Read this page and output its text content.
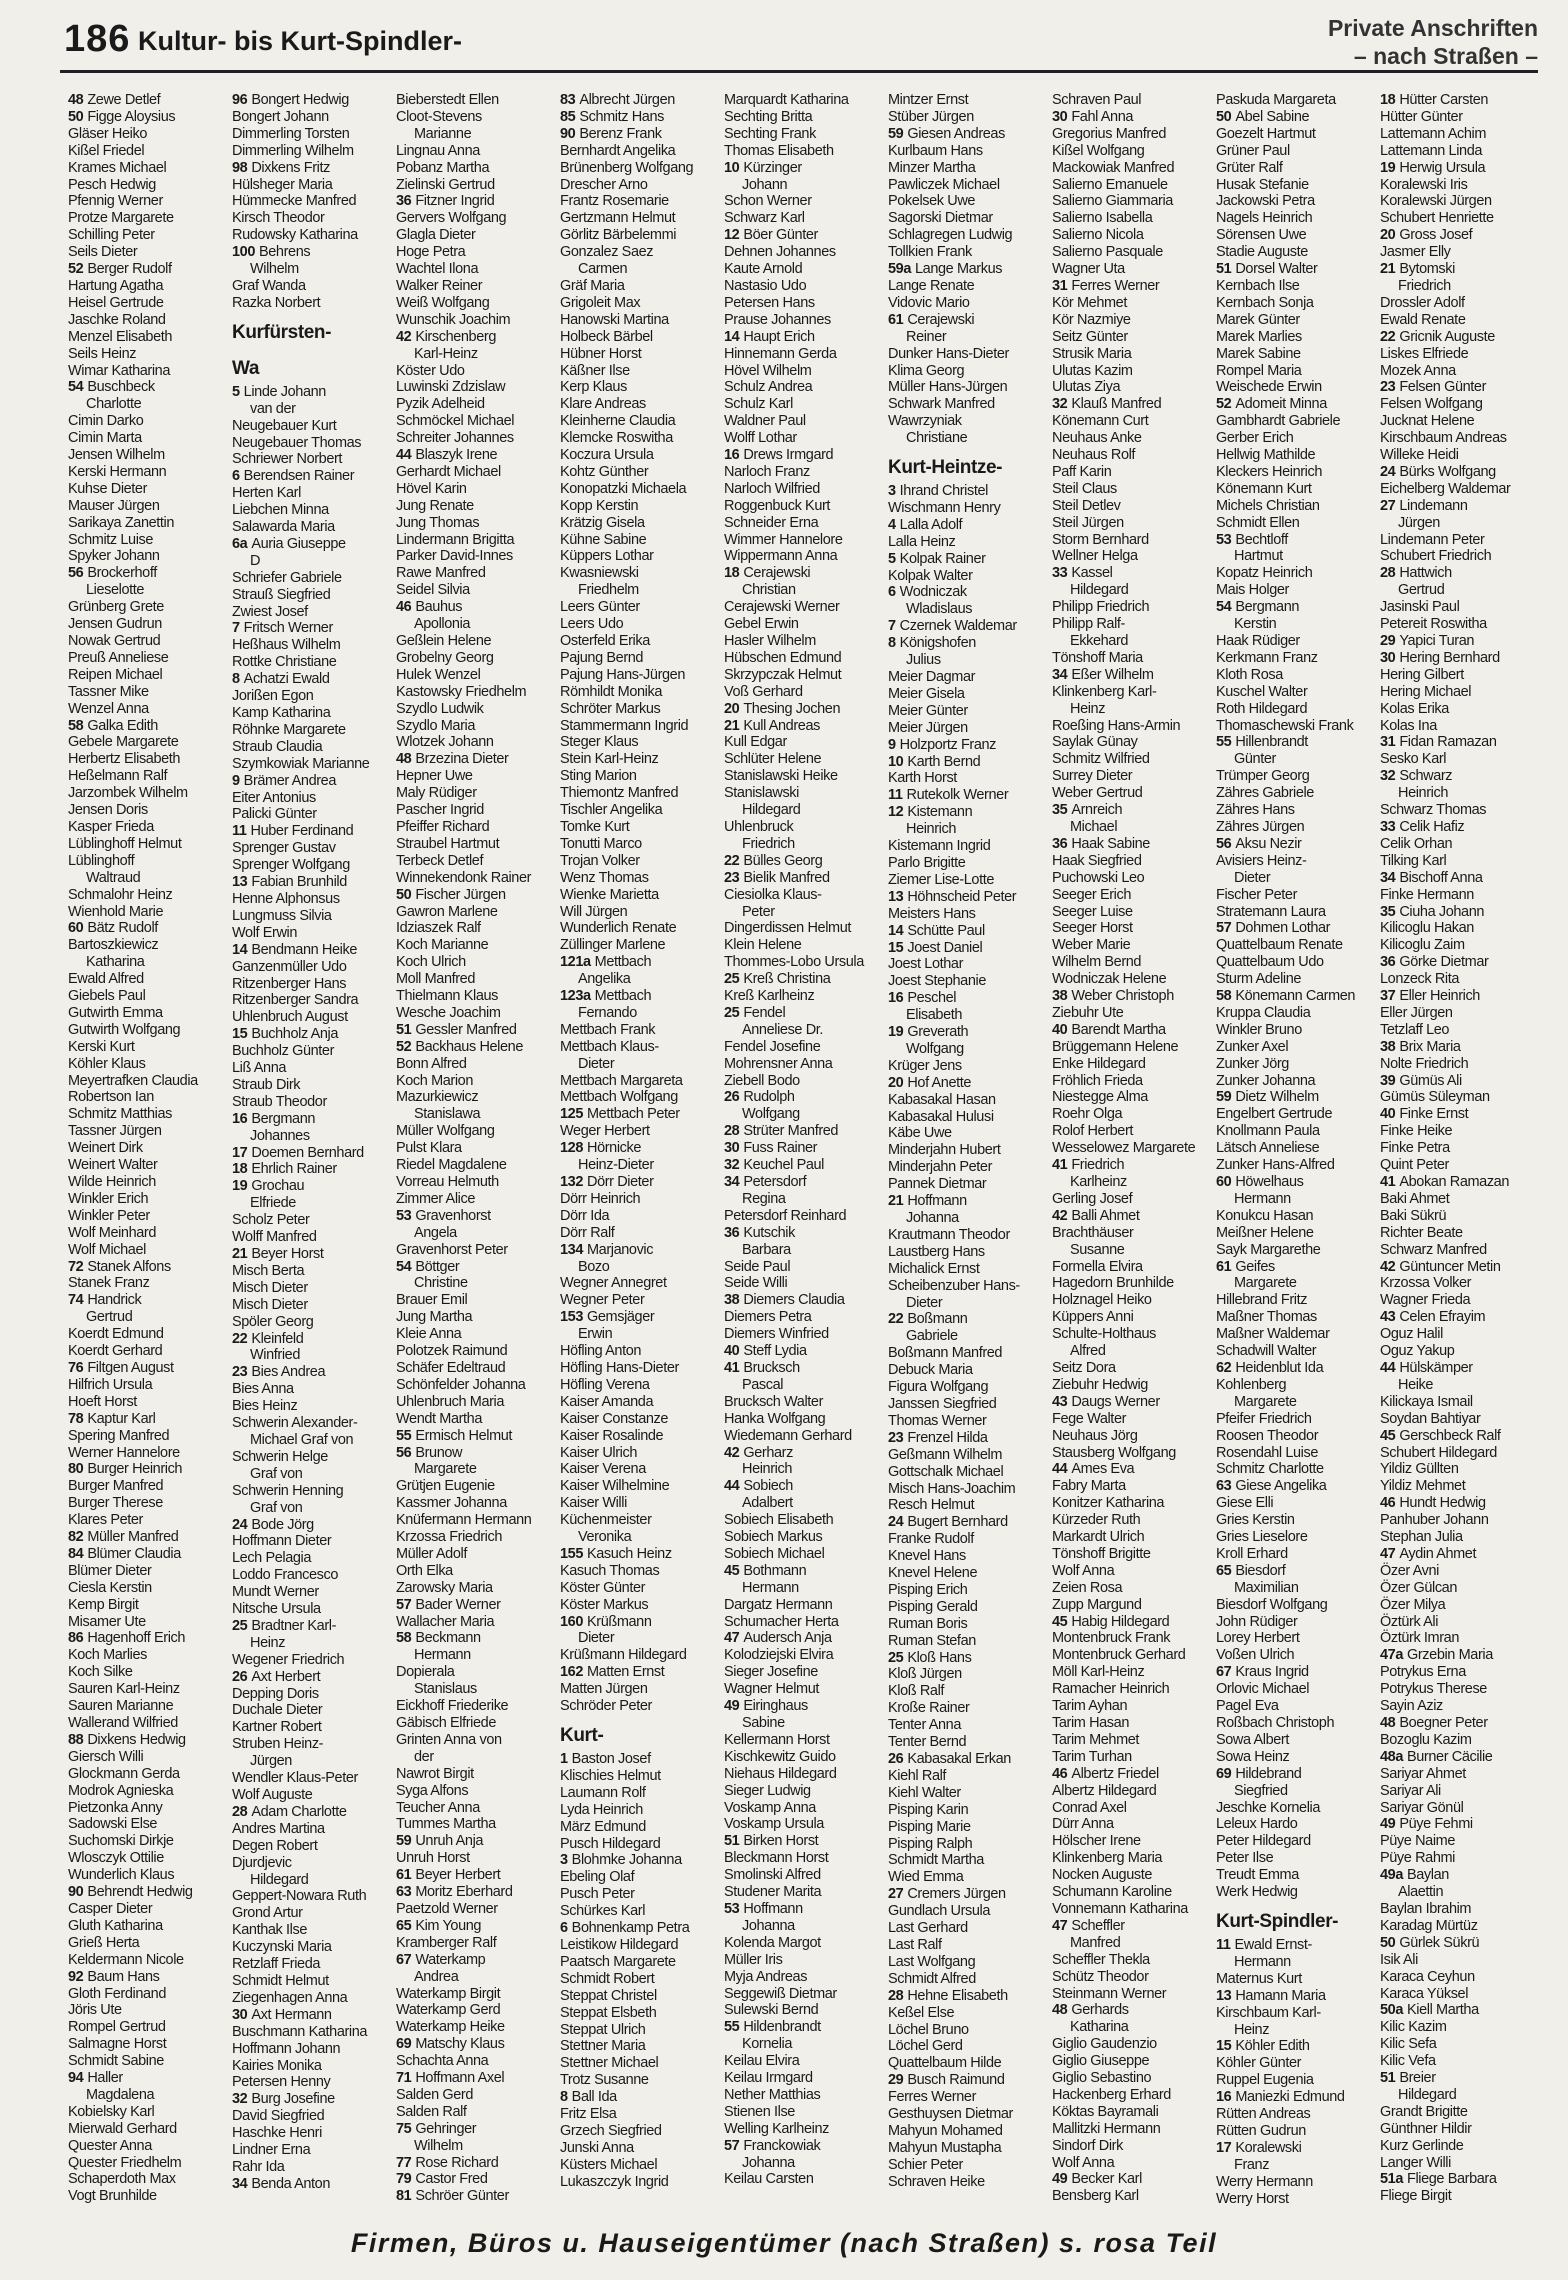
186 Kultur- bis Kurt-Spindler-	Private Anschriften
– nach Straßen –
48 Zewe Detlef
50 Figge Aloysius
Gläser Heiko
Kißel Friedel
Krames Michael
Pesch Hedwig
Pfennig Werner
Protze Margarete
Schilling Peter
Seils Dieter
52 Berger Rudolf
Hartung Agatha
Heisel Gertrude
Jaschke Roland
Menzel Elisabeth
Seils Heinz
Wimar Katharina
54 Buschbeck
Charlotte
Cimin Darko
Cimin Marta
Jensen Wilhelm
Kerski Hermann
Kuhse Dieter
Mauser Jürgen
Sarikaya Zanettin
Schmitz Luise
Spyker Johann
56 Brockerhoff
Lieselotte
Grünberg Grete
Jensen Gudrun
Nowak Gertrud
Preuß Anneliese
Reipen Michael
Tassner Mike
Wenzel Anna
58 Galka Edith
Gebele Margarete
Herbertz Elisabeth
Heßelmann Ralf
Jarzombek Wilhelm
Jensen Doris
Kasper Frieda
Lüblinghoff Helmut
Lüblinghoff
Waltraud
Schmalohr Heinz
Wienhold Marie
60 Bätz Rudolf
Bartoszkiewicz
Katharina
Ewald Alfred
Giebels Paul
Gutwirth Emma
Gutwirth Wolfgang
Kerski Kurt
Köhler Klaus
Meyertrafken Claudia
Robertson Ian
Schmitz Matthias
Tassner Jürgen
Weinert Dirk
Weinert Walter
Wilde Heinrich
Winkler Erich
Winkler Peter
Wolf Meinhard
Wolf Michael
72 Stanek Alfons
Stanek Franz
74 Handrick
Gertrud
Koerdt Edmund
Koerdt Gerhard
76 Filtgen August
Hilfrich Ursula
Hoeft Horst
78 Kaptur Karl
Spering Manfred
Werner Hannelore
80 Burger Heinrich
Burger Manfred
Burger Therese
Klares Peter
82 Müller Manfred
84 Blümer Claudia
Blümer Dieter
Ciesla Kerstin
Kemp Birgit
Misamer Ute
86 Hagenhoff Erich
Koch Marlies
Koch Silke
Sauren Karl-Heinz
Sauren Marianne
Wallerand Wilfried
88 Dixkens Hedwig
Giersch Willi
Glockmann Gerda
Modrok Agnieska
Pietzonka Anny
Sadowski Else
Suchomski Dirkje
Wlosczyk Ottilie
Wunderlich Klaus
90 Behrendt Hedwig
Casper Dieter
Gluth Katharina
Grieß Herta
Keldermann Nicole
92 Baum Hans
Gloth Ferdinand
Jöris Ute
Rompel Gertrud
Salmagne Horst
Schmidt Sabine
94 Haller
Magdalena
Kobielsky Karl
Mierwald Gerhard
Quester Anna
Quester Friedhelm
Schaperdoth Max
Vogt Brunhilde
96 Bongert Hedwig
Bongert Johann
Dimmerling Torsten
Dimmerling Wilhelm
98 Dixkens Fritz
Hülsheger Maria
Hümmecke Manfred
Kirsch Theodor
Rudowsky Katharina
100 Behrens
Wilhelm
Graf Wanda
Razka Norbert
Kurfürsten-
Wa
5 Linde Johann
van der
Neugebauer Kurt
Neugebauer Thomas
Schriewer Norbert
6 Berendsen Rainer
Herten Karl
Liebchen Minna
Salawarda Maria
6a Auria Giuseppe
D
Schriefer Gabriele
Strauß Siegfried
Zwiest Josef
7 Fritsch Werner
Heßhaus Wilhelm
Rottke Christiane
8 Achatzi Ewald
Jorißen Egon
Kamp Katharina
Röhnke Margarete
Straub Claudia
Szymkowiak Marianne
9 Brämer Andrea
Eiter Antonius
Palicki Günter
11 Huber Ferdinand
Sprenger Gustav
Sprenger Wolfgang
13 Fabian Brunhild
Henne Alphonsus
Lungmuss Silvia
Wolf Erwin
14 Bendmann Heike
Ganzenmüller Udo
Ritzenberger Hans
Ritzenberger Sandra
Uhlenbruch August
15 Buchholz Anja
Buchholz Günter
Liß Anna
Straub Dirk
Straub Theodor
16 Bergmann
Johannes
17 Doemen Bernhard
18 Ehrlich Rainer
19 Grochau
Elfriede
Scholz Peter
Wolff Manfred
21 Beyer Horst
Misch Berta
Misch Dieter
Misch Dieter
Spöler Georg
22 Kleinfeld
Winfried
23 Bies Andrea
Bies Anna
Bies Heinz
Schwerin Alexander-
Michael Graf von
Schwerin Helge
Graf von
Schwerin Henning
Graf von
24 Bode Jörg
Hoffmann Dieter
Lech Pelagia
Loddo Francesco
Mundt Werner
Nitsche Ursula
25 Bradtner Karl-
Heinz
Wegener Friedrich
26 Axt Herbert
Depping Doris
Duchale Dieter
Kartner Robert
Struben Heinz-
Jürgen
Wendler Klaus-Peter
Wolf Auguste
28 Adam Charlotte
Andres Martina
Degen Robert
Djurdjevic
Hildegard
Geppert-Nowara Ruth
Grond Artur
Kanthak Ilse
Kuczynski Maria
Retzlaff Frieda
Schmidt Helmut
Ziegenhagen Anna
30 Axt Hermann
Buschmann Katharina
Hoffmann Johann
Kairies Monika
Petersen Henny
32 Burg Josefine
David Siegfried
Haschke Henri
Lindner Erna
Rahr Ida
34 Benda Anton
Bieberstedt Ellen
Cloot-Stevens
Marianne
Lingnau Anna
Pobanz Martha
Zielinski Gertrud
36 Fitzner Ingrid
Gervers Wolfgang
Glagla Dieter
Hoge Petra
Wachtel Ilona
Walker Reiner
Weiß Wolfgang
Wunschik Joachim
42 Kirschenberg
Karl-Heinz
Köster Udo
Luwinski Zdzislaw
Pyzik Adelheid
Schmöckel Michael
Schreiter Johannes
44 Blaszyk Irene
Gerhardt Michael
Hövel Karin
Jung Renate
Jung Thomas
Lindermann Brigitta
Parker David-Innes
Rawe Manfred
Seidel Silvia
46 Bauhus
Apollonia
Geßlein Helene
Grobelny Georg
Hulek Wenzel
Kastowsky Friedhelm
Szydlo Ludwik
Szydlo Maria
Wlotzek Johann
48 Brzezina Dieter
Hepner Uwe
Maly Rüdiger
Pascher Ingrid
Pfeiffer Richard
Straubel Hartmut
Terbeck Detlef
Winnekendonk Rainer
50 Fischer Jürgen
Gawron Marlene
Idziaszek Ralf
Koch Marianne
Koch Ulrich
Moll Manfred
Thielmann Klaus
Wesche Joachim
51 Gessler Manfred
52 Backhaus Helene
Bonn Alfred
Koch Marion
Mazurkiewicz
Stanislawa
Müller Wolfgang
Pulst Klara
Riedel Magdalene
Vorreau Helmuth
Zimmer Alice
53 Gravenhorst
Angela
Gravenhorst Peter
54 Böttger
Christine
Brauer Emil
Jung Martha
Kleie Anna
Polotzek Raimund
Schäfer Edeltraud
Schönfelder Johanna
Uhlenbruch Maria
Wendt Martha
55 Ermisch Helmut
56 Brunow
Margarete
Grütjen Eugenie
Kassmer Johanna
Knüfermann Hermann
Krzossa Friedrich
Müller Adolf
Orth Elka
Zarowsky Maria
57 Bader Werner
Wallacher Maria
58 Beckmann
Hermann
Dopierala
Stanislaus
Eickhoff Friederike
Gäbisch Elfriede
Grinten Anna von
der
Nawrot Birgit
Syga Alfons
Teucher Anna
Tummes Martha
59 Unruh Anja
Unruh Horst
61 Beyer Herbert
63 Moritz Eberhard
Paetzold Werner
65 Kim Young
Kramberger Ralf
67 Waterkamp
Andrea
Waterkamp Birgit
Waterkamp Gerd
Waterkamp Heike
69 Matschy Klaus
Schachta Anna
71 Hoffmann Axel
Salden Gerd
Salden Ralf
75 Gehringer
Wilhelm
77 Rose Richard
79 Castor Fred
81 Schröer Günter
83 Albrecht Jürgen
85 Schmitz Hans
90 Berenz Frank
Bernhardt Angelika
Brünenberg Wolfgang
Drescher Arno
Frantz Rosemarie
Gertzmann Helmut
Görlitz Bärbelemmi
Gonzalez Saez
Carmen
Gräf Maria
Grigoleit Max
Hanowski Martina
Holbeck Bärbel
Hübner Horst
Käßner Ilse
Kerp Klaus
Klare Andreas
Kleinherne Claudia
Klemcke Roswitha
Koczura Ursula
Kohtz Günther
Konopatzki Michaela
Kopp Kerstin
Krätzig Gisela
Kühne Sabine
Küppers Lothar
Kwasniewski
Friedhelm
Leers Günter
Leers Udo
Osterfeld Erika
Pajung Bernd
Pajung Hans-Jürgen
Römhildt Monika
Schröter Markus
Stammermann Ingrid
Steger Klaus
Stein Karl-Heinz
Sting Marion
Thiemontz Manfred
Tischler Angelika
Tomke Kurt
Tonutti Marco
Trojan Volker
Wenz Thomas
Wienke Marietta
Will Jürgen
Wunderlich Renate
Züllinger Marlene
121a Mettbach
Angelika
123a Mettbach
Fernando
Mettbach Frank
Mettbach Klaus-
Dieter
Mettbach Margareta
Mettbach Wolfgang
125 Mettbach Peter
Weger Herbert
128 Hörnicke
Heinz-Dieter
132 Dörr Dieter
Dörr Heinrich
Dörr Ida
Dörr Ralf
134 Marjanovic
Bozo
Wegner Annegret
Wegner Peter
153 Gemsjäger
Erwin
Höfling Anton
Höfling Hans-Dieter
Höfling Verena
Kaiser Amanda
Kaiser Constanze
Kaiser Rosalinde
Kaiser Ulrich
Kaiser Verena
Kaiser Wilhelmine
Kaiser Willi
Küchenmeister
Veronika
155 Kasuch Heinz
Kasuch Thomas
Köster Günter
Köster Markus
160 Krüßmann
Dieter
Krüßmann Hildegard
162 Matten Ernst
Matten Jürgen
Schröder Peter
Kurt-
1 Baston Josef
Klischies Helmut
Laumann Rolf
Lyda Heinrich
März Edmund
Pusch Hildegard
3 Blohmke Johanna
Ebeling Olaf
Pusch Peter
Schürkes Karl
6 Bohnenkamp Petra
Leistikow Hildegard
Paatsch Margarete
Schmidt Robert
Steppat Christel
Steppat Elsbeth
Steppat Ulrich
Stettner Maria
Stettner Michael
Trotz Susanne
8 Ball Ida
Fritz Elsa
Grzech Siegfried
Junski Anna
Küsters Michael
Lukaszczyk Ingrid
Marquardt Katharina
Sechting Britta
Sechting Frank
Thomas Elisabeth
10 Kürzinger
Johann
Schon Werner
Schwarz Karl
12 Böer Günter
Dehnen Johannes
Kaute Arnold
Nastasio Udo
Petersen Hans
Prause Johannes
14 Haupt Erich
Hinnemann Gerda
Hövel Wilhelm
Schulz Andrea
Schulz Karl
Waldner Paul
Wolff Lothar
16 Drews Irmgard
Narloch Franz
Narloch Wilfried
Roggenbuck Kurt
Schneider Erna
Wimmer Hannelore
Wippermann Anna
18 Cerajewski
Christian
Cerajewski Werner
Gebel Erwin
Hasler Wilhelm
Hübschen Edmund
Skrzypczak Helmut
Voß Gerhard
20 Thesing Jochen
21 Kull Andreas
Kull Edgar
Schlüter Helene
Stanislawski Heike
Stanislawski
Hildegard
Uhlenbruck
Friedrich
22 Bülles Georg
23 Bielik Manfred
Ciesiolka Klaus-
Peter
Dingerdissen Helmut
Klein Helene
Thommes-Lobo Ursula
25 Kreß Christina
Kreß Karlheinz
25 Fendel
Anneliese Dr.
Fendel Josefine
Mohrensner Anna
Ziebell Bodo
26 Rudolph
Wolfgang
28 Strüter Manfred
30 Fuss Rainer
32 Keuchel Paul
34 Petersdorf
Regina
Petersdorf Reinhard
36 Kutschik
Barbara
Seide Paul
Seide Willi
38 Diemers Claudia
Diemers Petra
Diemers Winfried
40 Steff Lydia
41 Brucksch
Pascal
Brucksch Walter
Hanka Wolfgang
Wiedemann Gerhard
42 Gerharz
Heinrich
44 Sobiech
Adalbert
Sobiech Elisabeth
Sobiech Markus
Sobiech Michael
45 Bothmann
Hermann
Dargatz Hermann
Schumacher Herta
47 Audersch Anja
Kolodziejski Elvira
Sieger Josefine
Wagner Helmut
49 Eiringhaus
Sabine
Kellermann Horst
Kischkewitz Guido
Niehaus Hildegard
Sieger Ludwig
Voskamp Anna
Voskamp Ursula
51 Birken Horst
Bleckmann Horst
Smolinski Alfred
Studener Marita
53 Hoffmann
Johanna
Kolenda Margot
Müller Iris
Myja Andreas
Seggewiß Dietmar
Sulewski Bernd
55 Hildenbrandt
Kornelia
Keilau Elvira
Keilau Irmgard
Nether Matthias
Stienen Ilse
Welling Karlheinz
57 Franckowiak
Johanna
Keilau Carsten
Mintzer Ernst
Stüber Jürgen
59 Giesen Andreas
Kurlbaum Hans
Minzer Martha
Pawliczek Michael
Pokelsek Uwe
Sagorski Dietmar
Schlagregen Ludwig
Tollkien Frank
59a Lange Markus
Lange Renate
Vidovic Mario
61 Cerajewski
Reiner
Dunker Hans-Dieter
Klima Georg
Müller Hans-Jürgen
Schwark Manfred
Wawrzyniak
Christiane
Kurt-Heintze-
3 Ihrand Christel
Wischmann Henry
4 Lalla Adolf
Lalla Heinz
5 Kolpak Rainer
Kolpak Walter
6 Wodniczak
Wladislaus
7 Czernek Waldemar
8 Königshofen
Julius
Meier Dagmar
Meier Gisela
Meier Günter
Meier Jürgen
9 Holzportz Franz
10 Karth Bernd
Karth Horst
11 Rutekolk Werner
12 Kistemann
Heinrich
Kistemann Ingrid
Parlo Brigitte
Ziemer Lise-Lotte
13 Höhnscheid Peter
Meisters Hans
14 Schütte Paul
15 Joest Daniel
Joest Lothar
Joest Stephanie
16 Peschel
Elisabeth
19 Greverath
Wolfgang
Krüger Jens
20 Hof Anette
Kabasakal Hasan
Kabasakal Hulusi
Käbe Uwe
Minderjahn Hubert
Minderjahn Peter
Pannek Dietmar
21 Hoffmann
Johanna
Krautmann Theodor
Laustberg Hans
Michalick Ernst
Scheibenzuber Hans-
Dieter
22 Boßmann
Gabriele
Boßmann Manfred
Debuck Maria
Figura Wolfgang
Janssen Siegfried
Thomas Werner
23 Frenzel Hilda
Geßmann Wilhelm
Gottschalk Michael
Misch Hans-Joachim
Resch Helmut
24 Bugert Bernhard
Franke Rudolf
Knevel Hans
Knevel Helene
Pisping Erich
Pisping Gerald
Ruman Boris
Ruman Stefan
25 Kloß Hans
Kloß Jürgen
Kloß Ralf
Kroße Rainer
Tenter Anna
Tenter Bernd
26 Kabasakal Erkan
Kiehl Ralf
Kiehl Walter
Pisping Karin
Pisping Marie
Pisping Ralph
Schmidt Martha
Wied Emma
27 Cremers Jürgen
Gundlach Ursula
Last Gerhard
Last Ralf
Last Wolfgang
Schmidt Alfred
28 Hehne Elisabeth
Keßel Else
Löchel Bruno
Löchel Gerd
Quattelbaum Hilde
29 Busch Raimund
Ferres Werner
Gesthuysen Dietmar
Mahyun Mohamed
Mahyun Mustapha
Schier Peter
Schraven Heike
Schraven Paul
30 Fahl Anna
Gregorius Manfred
Kißel Wolfgang
Mackowiak Manfred
Salierno Emanuele
Salierno Giammaria
Salierno Isabella
Salierno Nicola
Salierno Pasquale
Wagner Uta
31 Ferres Werner
Kör Mehmet
Kör Nazmiye
Seitz Günter
Strusik Maria
Ulutas Kazim
Ulutas Ziya
32 Klauß Manfred
Könemann Curt
Neuhaus Anke
Neuhaus Rolf
Paff Karin
Steil Claus
Steil Detlev
Steil Jürgen
Storm Bernhard
Wellner Helga
33 Kassel
Hildegard
Philipp Friedrich
Philipp Ralf-
Ekkehard
Tönshoff Maria
34 Eßer Wilhelm
Klinkenberg Karl-
Heinz
Roeßing Hans-Armin
Saylak Günay
Schmitz Wilfried
Surrey Dieter
Weber Gertrud
35 Arnreich
Michael
36 Haak Sabine
Haak Siegfried
Puchowski Leo
Seeger Erich
Seeger Luise
Seeger Horst
Weber Marie
Wilhelm Bernd
Wodniczak Helene
38 Weber Christoph
Ziebuhr Ute
40 Barendt Martha
Brüggemann Helene
Enke Hildegard
Fröhlich Frieda
Niestegge Alma
Roehr Olga
Rolof Herbert
Wesselowez Margarete
41 Friedrich
Karlheinz
Gerling Josef
42 Balli Ahmet
Brachthäuser
Susanne
Formella Elvira
Hagedorn Brunhilde
Holznagel Heiko
Küppers Anni
Schulte-Holthaus
Alfred
Seitz Dora
Ziebuhr Hedwig
43 Daugs Werner
Fege Walter
Neuhaus Jörg
Stausberg Wolfgang
44 Ames Eva
Fabry Marta
Konitzer Katharina
Kürzeder Ruth
Markardt Ulrich
Tönshoff Brigitte
Wolf Anna
Zeien Rosa
Zupp Margund
45 Habig Hildegard
Montenbruck Frank
Montenbruck Gerhard
Möll Karl-Heinz
Ramacher Heinrich
Tarim Ayhan
Tarim Hasan
Tarim Mehmet
Tarim Turhan
46 Albertz Friedel
Albertz Hildegard
Conrad Axel
Dürr Anna
Hölscher Irene
Klinkenberg Maria
Nocken Auguste
Schumann Karoline
Vonnemann Katharina
47 Scheffler
Manfred
Scheffler Thekla
Schütz Theodor
Steinmann Werner
48 Gerhards
Katharina
Giglio Gaudenzio
Giglio Giuseppe
Giglio Sebastino
Hackenberg Erhard
Köktas Bayramali
Mallitzki Hermann
Sindorf Dirk
Wolf Anna
49 Becker Karl
Bensberg Karl
Paskuda Margareta
50 Abel Sabine
Goezelt Hartmut
Grüner Paul
Grüter Ralf
Husak Stefanie
Jackowski Petra
Nagels Heinrich
Sörensen Uwe
Stadie Auguste
51 Dorsel Walter
Kernbach Ilse
Kernbach Sonja
Marek Günter
Marek Marlies
Marek Sabine
Rompel Maria
Weischede Erwin
52 Adomeit Minna
Gambhardt Gabriele
Gerber Erich
Hellwig Mathilde
Kleckers Heinrich
Könemann Kurt
Michels Christian
Schmidt Ellen
53 Bechtloff
Hartmut
Kopatz Heinrich
Mais Holger
54 Bergmann
Kerstin
Haak Rüdiger
Kerkmann Franz
Kloth Rosa
Kuschel Walter
Roth Hildegard
Thomaschewski Frank
55 Hillenbrandt
Günter
Trümper Georg
Zähres Gabriele
Zähres Hans
Zähres Jürgen
56 Aksu Nezir
Avisiers Heinz-
Dieter
Fischer Peter
Stratemann Laura
57 Dohmen Lothar
Quattelbaum Renate
Quattelbaum Udo
Sturm Adeline
58 Könemann Carmen
Kruppa Claudia
Winkler Bruno
Zunker Axel
Zunker Jörg
Zunker Johanna
59 Dietz Wilhelm
Engelbert Gertrude
Knollmann Paula
Lätsch Anneliese
Zunker Hans-Alfred
60 Höwelhaus
Hermann
Konukcu Hasan
Meißner Helene
Sayk Margarethe
61 Geifes
Margarete
Hillebrand Fritz
Maßner Thomas
Maßner Waldemar
Schadwill Walter
62 Heidenblut Ida
Kohlenberg
Margarete
Pfeifer Friedrich
Roosen Theodor
Rosendahl Luise
Schmitz Charlotte
63 Giese Angelika
Giese Elli
Gries Kerstin
Gries Lieselore
Kroll Erhard
65 Biesdorf
Maximilian
Biesdorf Wolfgang
John Rüdiger
Lorey Herbert
Voßen Ulrich
67 Kraus Ingrid
Orlovic Michael
Pagel Eva
Roßbach Christoph
Sowa Albert
Sowa Heinz
69 Hildebrand
Siegfried
Jeschke Kornelia
Leleux Hardo
Peter Hildegard
Peter Ilse
Treudt Emma
Werk Hedwig
Kurt-Spindler-
11 Ewald Ernst-
Hermann
Maternus Kurt
13 Hamann Maria
Kirschbaum Karl-
Heinz
15 Köhler Edith
Köhler Günter
Ruppel Eugenia
16 Maniezki Edmund
Rütten Andreas
Rütten Gudrun
17 Koralewski
Franz
Werry Hermann
Werry Horst
18 Hütter Carsten
Hütter Günter
Lattemann Achim
Lattemann Linda
19 Herwig Ursula
Koralewski Iris
Koralewski Jürgen
Schubert Henriette
20 Gross Josef
Jasmer Elly
21 Bytomski
Friedrich
Drossler Adolf
Ewald Renate
22 Gricnik Auguste
Liskes Elfriede
Mozek Anna
23 Felsen Günter
Felsen Wolfgang
Jucknat Helene
Kirschbaum Andreas
Willeke Heidi
24 Bürks Wolfgang
Eichelberg Waldemar
27 Lindemann
Jürgen
Lindemann Peter
Schubert Friedrich
28 Hattwich
Gertrud
Jasinski Paul
Petereit Roswitha
29 Yapici Turan
30 Hering Bernhard
Hering Gilbert
Hering Michael
Kolas Erika
Kolas Ina
31 Fidan Ramazan
Sesko Karl
32 Schwarz
Heinrich
Schwarz Thomas
33 Celik Hafiz
Celik Orhan
Tilking Karl
34 Bischoff Anna
Finke Hermann
35 Ciuha Johann
Kilicoglu Hakan
Kilicoglu Zaim
36 Görke Dietmar
Lonzeck Rita
37 Eller Heinrich
Eller Jürgen
Tetzlaff Leo
38 Brix Maria
Nolte Friedrich
39 Gümüs Ali
Gümüs Süleyman
40 Finke Ernst
Finke Heike
Finke Petra
Quint Peter
41 Abokan Ramazan
Baki Ahmet
Baki Sükrü
Richter Beate
Schwarz Manfred
42 Güntuncer Metin
Krzossa Volker
Wagner Frieda
43 Celen Efrayim
Oguz Halil
Oguz Yakup
44 Hülskämper
Heike
Kilickaya Ismail
Soydan Bahtiyar
45 Gerschbeck Ralf
Schubert Hildegard
Yildiz Güllten
Yildiz Mehmet
46 Hundt Hedwig
Panhuber Johann
Stephan Julia
47 Aydin Ahmet
Özer Avni
Özer Gülcan
Özer Milya
Öztürk Ali
Öztürk Imran
47a Grzebin Maria
Potrykus Erna
Potrykus Therese
Sayin Aziz
48 Boegner Peter
Bozoglu Kazim
48a Burner Cäcilie
Sariyar Ahmet
Sariyar Ali
Sariyar Gönül
49 Püye Fehmi
Püye Naime
Püye Rahmi
49a Baylan
Alaettin
Baylan Ibrahim
Karadag Mürtüz
50 Gürlek Sükrü
Isik Ali
Karaca Ceyhun
Karaca Yüksel
50a Kiell Martha
Kilic Kazim
Kilic Sefa
Kilic Vefa
51 Breier
Hildegard
Grandt Brigitte
Günthner Hildir
Kurz Gerlinde
Langer Willi
51a Fliege Barbara
Fliege Birgit
Firmen, Büros u. Hauseigentümer (nach Straßen) s. rosa Teil
